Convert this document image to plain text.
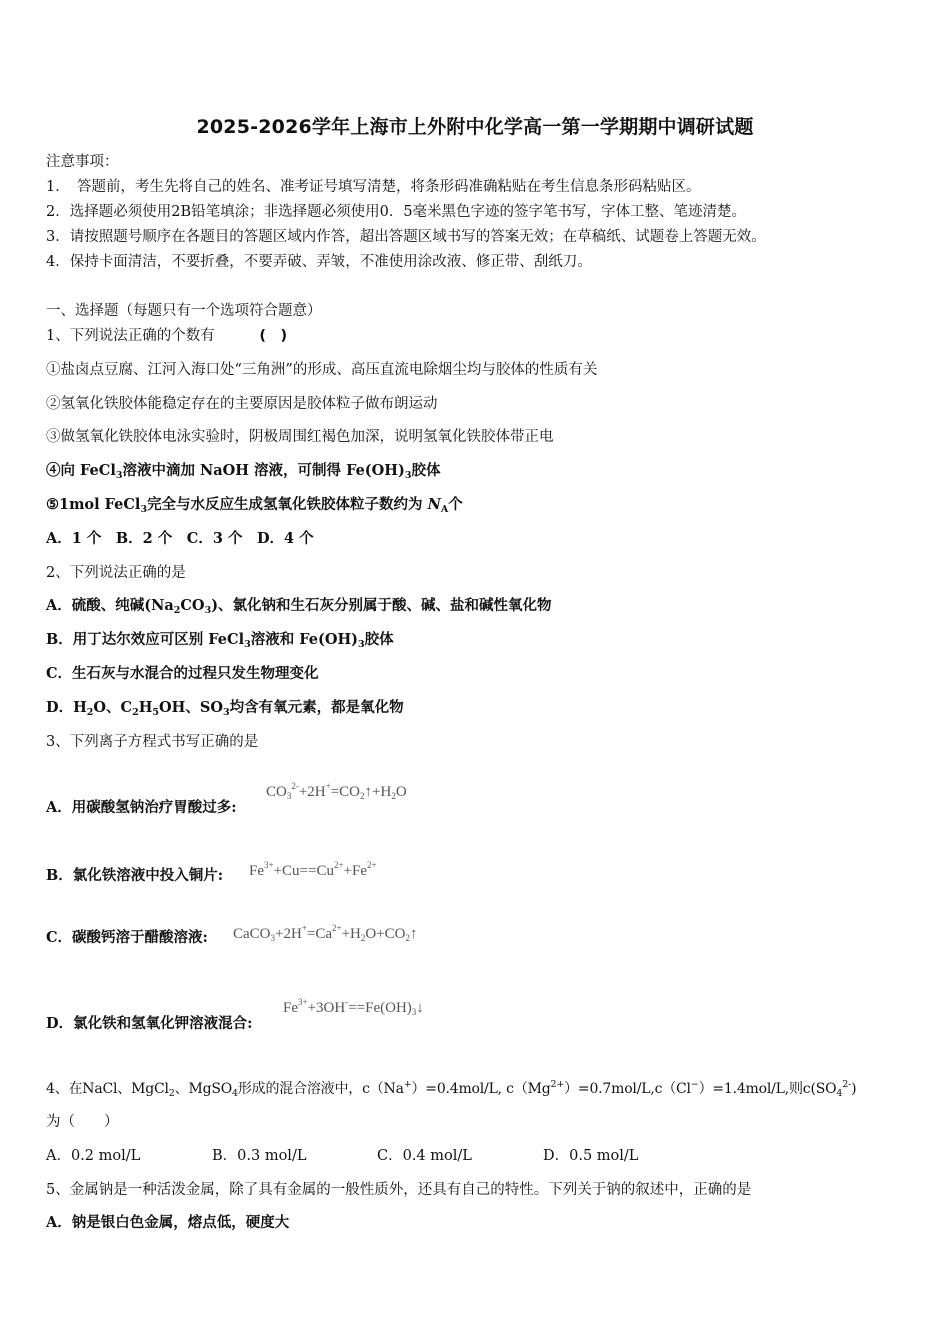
2025-2026学年上海市上外附中化学高一第一学期期中调研试题
注意事项：
1．　答题前，考生先将自己的姓名、准考证号填写清楚，将条形码准确粘贴在考生信息条形码粘贴区。
2．选择题必须使用2B铅笔填涂；非选择题必须使用0．5毫米黑色字迹的签字笔书写，字体工整、笔迹清楚。
3．请按照题号顺序在各题目的答题区域内作答，超出答题区域书写的答案无效；在草稿纸、试题卷上答题无效。
4．保持卡面清洁，不要折叠，不要弄破、弄皱，不准使用涂改液、修正带、刮纸刀。
一、选择题（每题只有一个选项符合题意）
1、下列说法正确的个数有	(　)
①盐卤点豆腐、江河入海口处“三角洲”的形成、高压直流电除烟尘均与胶体的性质有关
②氢氧化铁胶体能稳定存在的主要原因是胶体粒子做布朗运动
③做氢氧化铁胶体电泳实验时，阴极周围红褐色加深，说明氢氧化铁胶体带正电
④向 FeCl$_3$溶液中滴加 NaOH 溶液，可制得 $Fe(OH)_3$胶体
⑤1mol FeCl$_3$完全与水反应生成氢氧化铁胶体粒子数约为 $N_A$个
A．1 个　B．2 个　C．3 个　D．4 个
2、下列说法正确的是
A．硫酸、纯碱$(Na_2CO_3)$、氯化钠和生石灰分别属于酸、碱、盐和碱性氧化物
B．用丁达尔效应可区别 FeCl$_3$溶液和 $Fe(OH)_3$胶体
C．生石灰与水混合的过程只发生物理变化
D．$H_2O$、$C_2H_5OH$、$SO_3$均含有氧元素，都是氧化物
3、下列离子方程式书写正确的是
$CO_3^{2-}+2H^+=CO_2↑+H_2O$
A．用碳酸氢钠治疗胃酸过多:
$Fe^{3+}+Cu==Cu^{2+}+Fe^{2+}$
B．氯化铁溶液中投入铜片:
$CaCO_3+2H^+=Ca^{2+}+H_2O+CO_2↑$
C．碳酸钙溶于醋酸溶液:
$Fe^{3+}+3OH^-==Fe(OH)_3↓$
D．氯化铁和氢氧化钾溶液混合:
4、在NaCl、MgCl$_2$、MgSO$_4$形成的混合溶液中，c（Na+）=0.4mol/L, $c(Mg^{2+})=0.7mol/L,c(Cl^-)=1.4mol/L$,则$c(SO_4^{2-})$
为（　　）
A．0.2 mol/L	B．0.3 mol/L	C．0.4 mol/L	D．0.5 mol/L
5、金属钠是一种活泼金属，除了具有金属的一般性质外，还具有自己的特性。下列关于钠的叙述中，正确的是
A．钠是银白色金属，熔点低，硬度大
